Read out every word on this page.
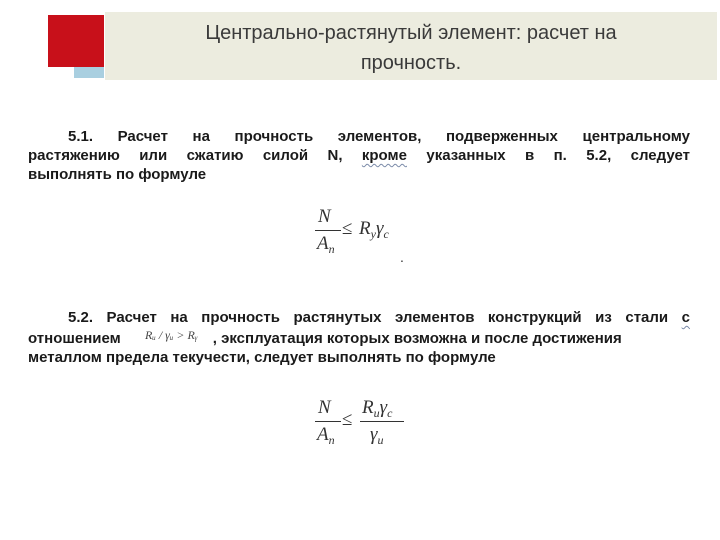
Центрально-растянутый элемент: расчет на
прочность.
5.1. Расчет на прочность элементов, подверженных центральному
растяжению или сжатию силой N, кроме указанных в п. 5.2, следует
выполнять по формуле
N
$A_n$
≤ $R_y\gamma_c$
.
5.2. Расчет на прочность растянутых элементов конструкций из стали с
отношением	, эксплуатация которых возможна и после достижения
металлом предела текучести, следует выполнять по формуле
Rᵤ / γᵤ > Rᵧ
N
$A_n$
≤
$R_u\gamma_c$
$\gamma_u$
